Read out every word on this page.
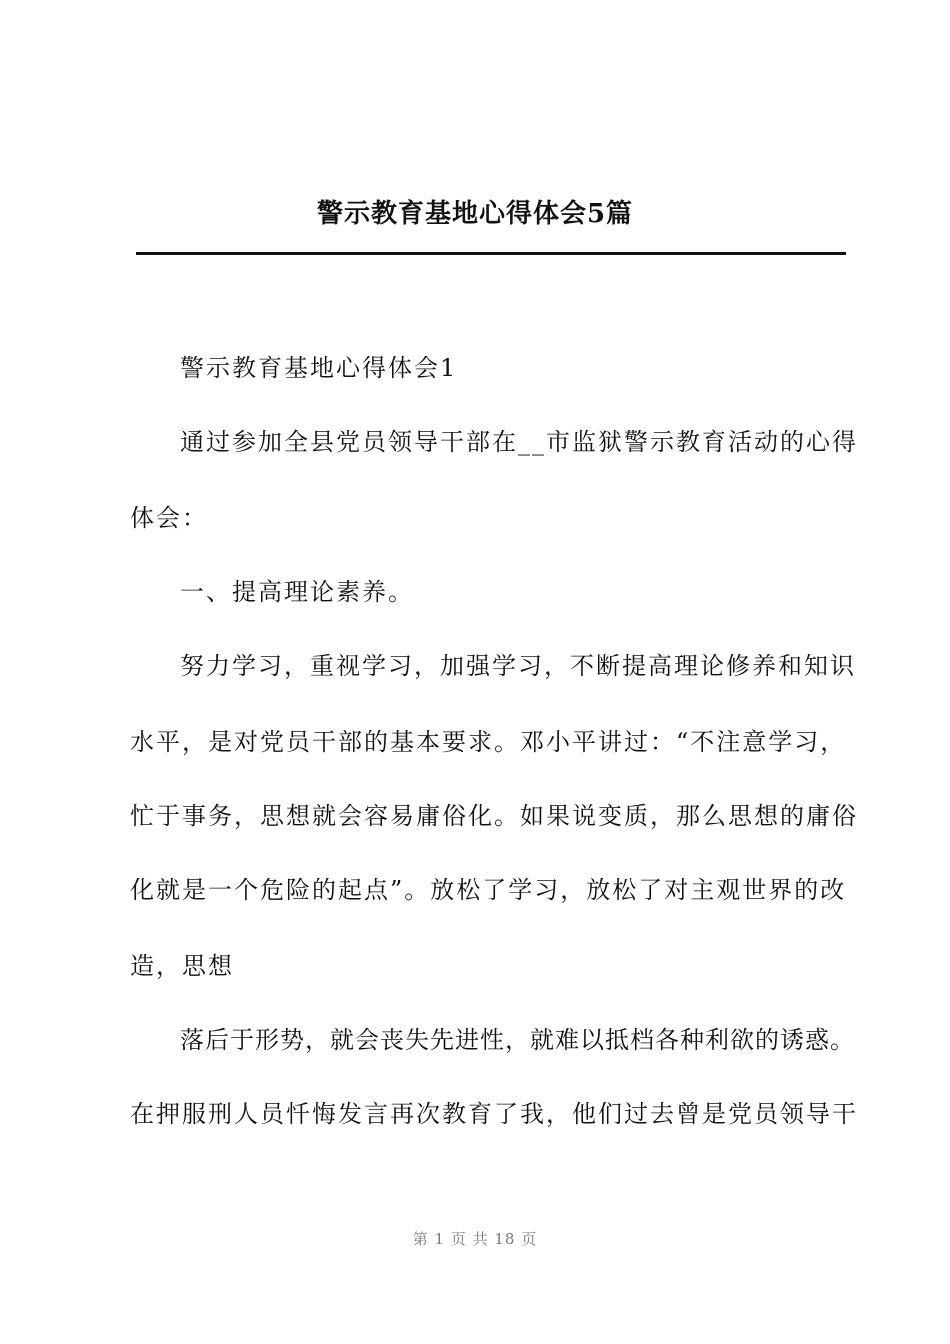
警示教育基地心得体会5篇
警示教育基地心得体会1
通过参加全县党员领导干部在__市监狱警示教育活动的心得
体会：
一、提高理论素养。
努力学习，重视学习，加强学习，不断提高理论修养和知识
水平，是对党员干部的基本要求。邓小平讲过：“不注意学习，
忙于事务，思想就会容易庸俗化。如果说变质，那么思想的庸俗
化就是一个危险的起点”。放松了学习，放松了对主观世界的改
造，思想
落后于形势，就会丧失先进性，就难以抵档各种利欲的诱惑。
在押服刑人员忏悔发言再次教育了我，他们过去曾是党员领导干
第 1 页 共 18 页
